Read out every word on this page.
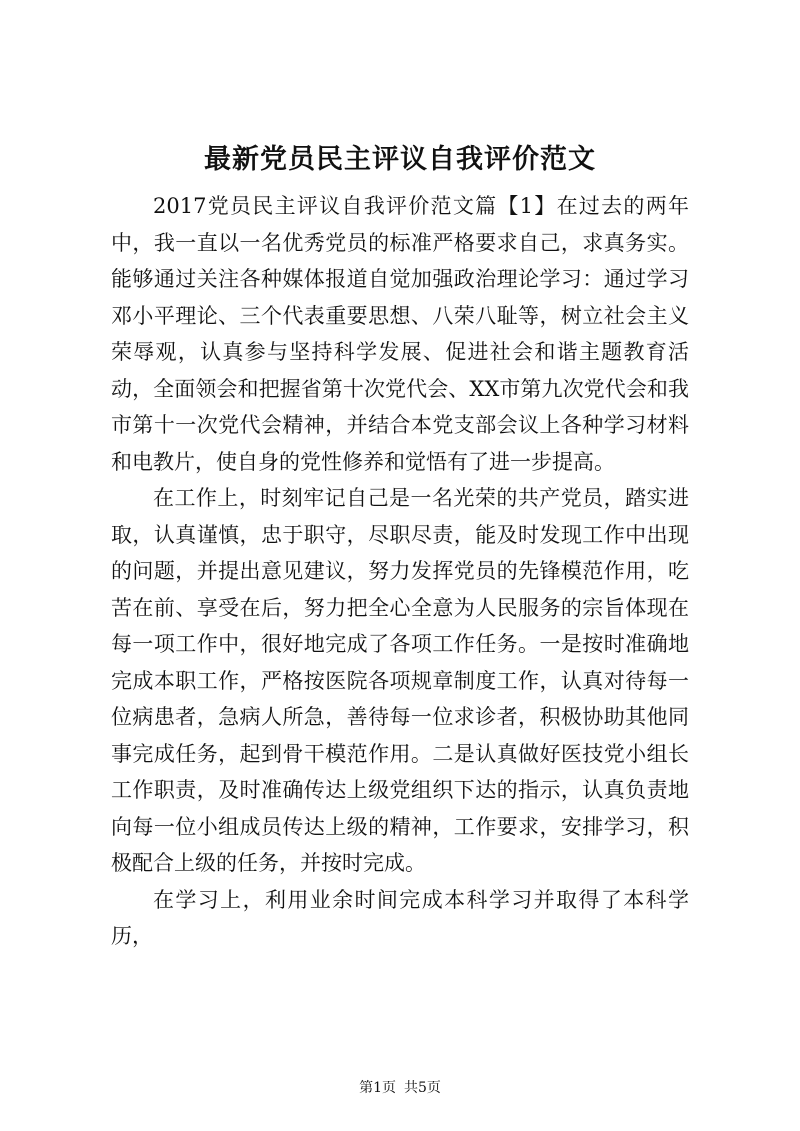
最新党员民主评议自我评价范文

2017党员民主评议自我评价范文篇【1】在过去的两年中，我一直以一名优秀党员的标准严格要求自己，求真务实。能够通过关注各种媒体报道自觉加强政治理论学习：通过学习邓小平理论、三个代表重要思想、八荣八耻等，树立社会主义荣辱观，认真参与坚持科学发展、促进社会和谐主题教育活动，全面领会和把握省第十次党代会、XX市第九次党代会和我市第十一次党代会精神，并结合本党支部会议上各种学习材料和电教片，使自身的党性修养和觉悟有了进一步提高。

在工作上，时刻牢记自己是一名光荣的共产党员，踏实进取，认真谨慎，忠于职守，尽职尽责，能及时发现工作中出现的问题，并提出意见建议，努力发挥党员的先锋模范作用，吃苦在前、享受在后，努力把全心全意为人民服务的宗旨体现在每一项工作中，很好地完成了各项工作任务。一是按时准确地完成本职工作，严格按医院各项规章制度工作，认真对待每一位病患者，急病人所急，善待每一位求诊者，积极协助其他同事完成任务，起到骨干模范作用。二是认真做好医技党小组长工作职责，及时准确传达上级党组织下达的指示，认真负责地向每一位小组成员传达上级的精神，工作要求，安排学习，积极配合上级的任务，并按时完成。

在学习上，利用业余时间完成本科学习并取得了本科学历，

第1页 共5页
